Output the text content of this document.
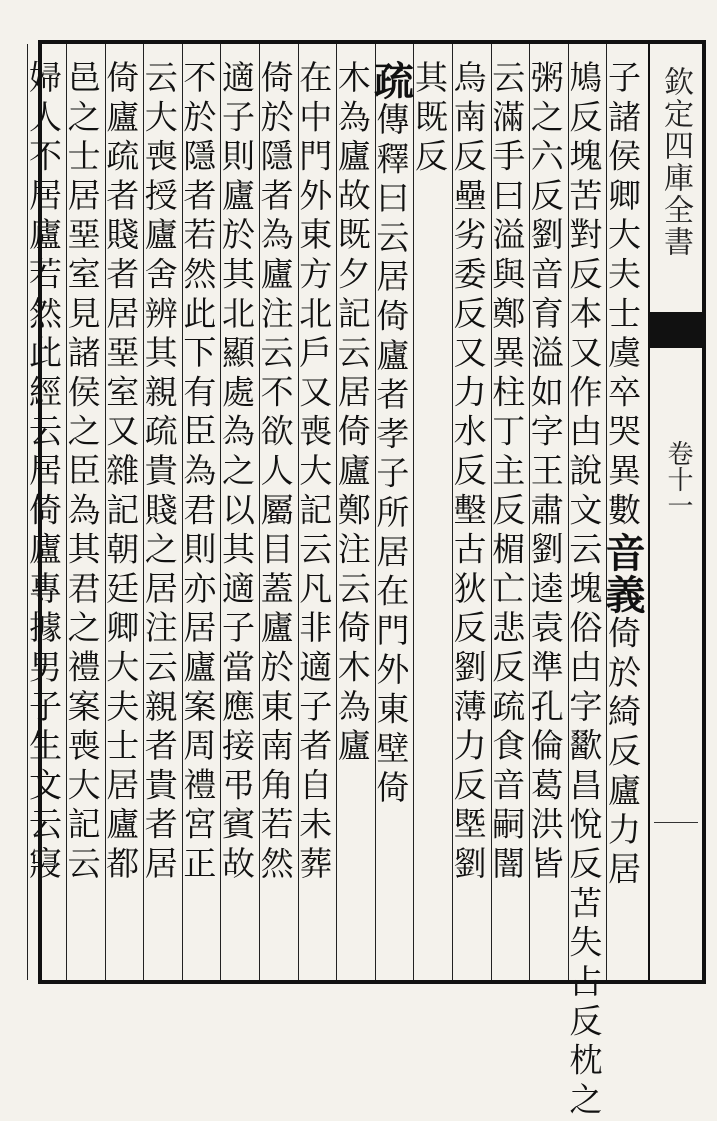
欽定四庫全書
卷十一
子諸侯卿大夫士虞卒哭異數音義倚於綺反廬力居
鳩反塊苦對反本又作甴說文云塊俗甴字歠昌悅反苫失占反枕之
粥之六反劉音育溢如字王肅劉逵袁準孔倫葛洪皆
云滿手曰溢與鄭異柱丁主反楣亡悲反疏食音嗣闇
烏南反壘劣委反又力水反墼古狄反劉薄力反塈劉
其既反
疏傳釋曰云居倚廬者孝子所居在門外東壁倚
木為廬故既夕記云居倚廬鄭注云倚木為廬
在中門外東方北戶又喪大記云凡非適子者自未葬
倚於隱者為廬注云不欲人屬目蓋廬於東南角若然
適子則廬於其北顯處為之以其適子當應接弔賓故
不於隱者若然此下有臣為君則亦居廬案周禮宮正
云大喪授廬舍辨其親疏貴賤之居注云親者貴者居
倚廬疏者賤者居堊室又雜記朝廷卿大夫士居廬都
邑之士居堊室見諸侯之臣為其君之禮案喪大記云
婦人不居廬若然此經云居倚廬專據男子生文云寢
